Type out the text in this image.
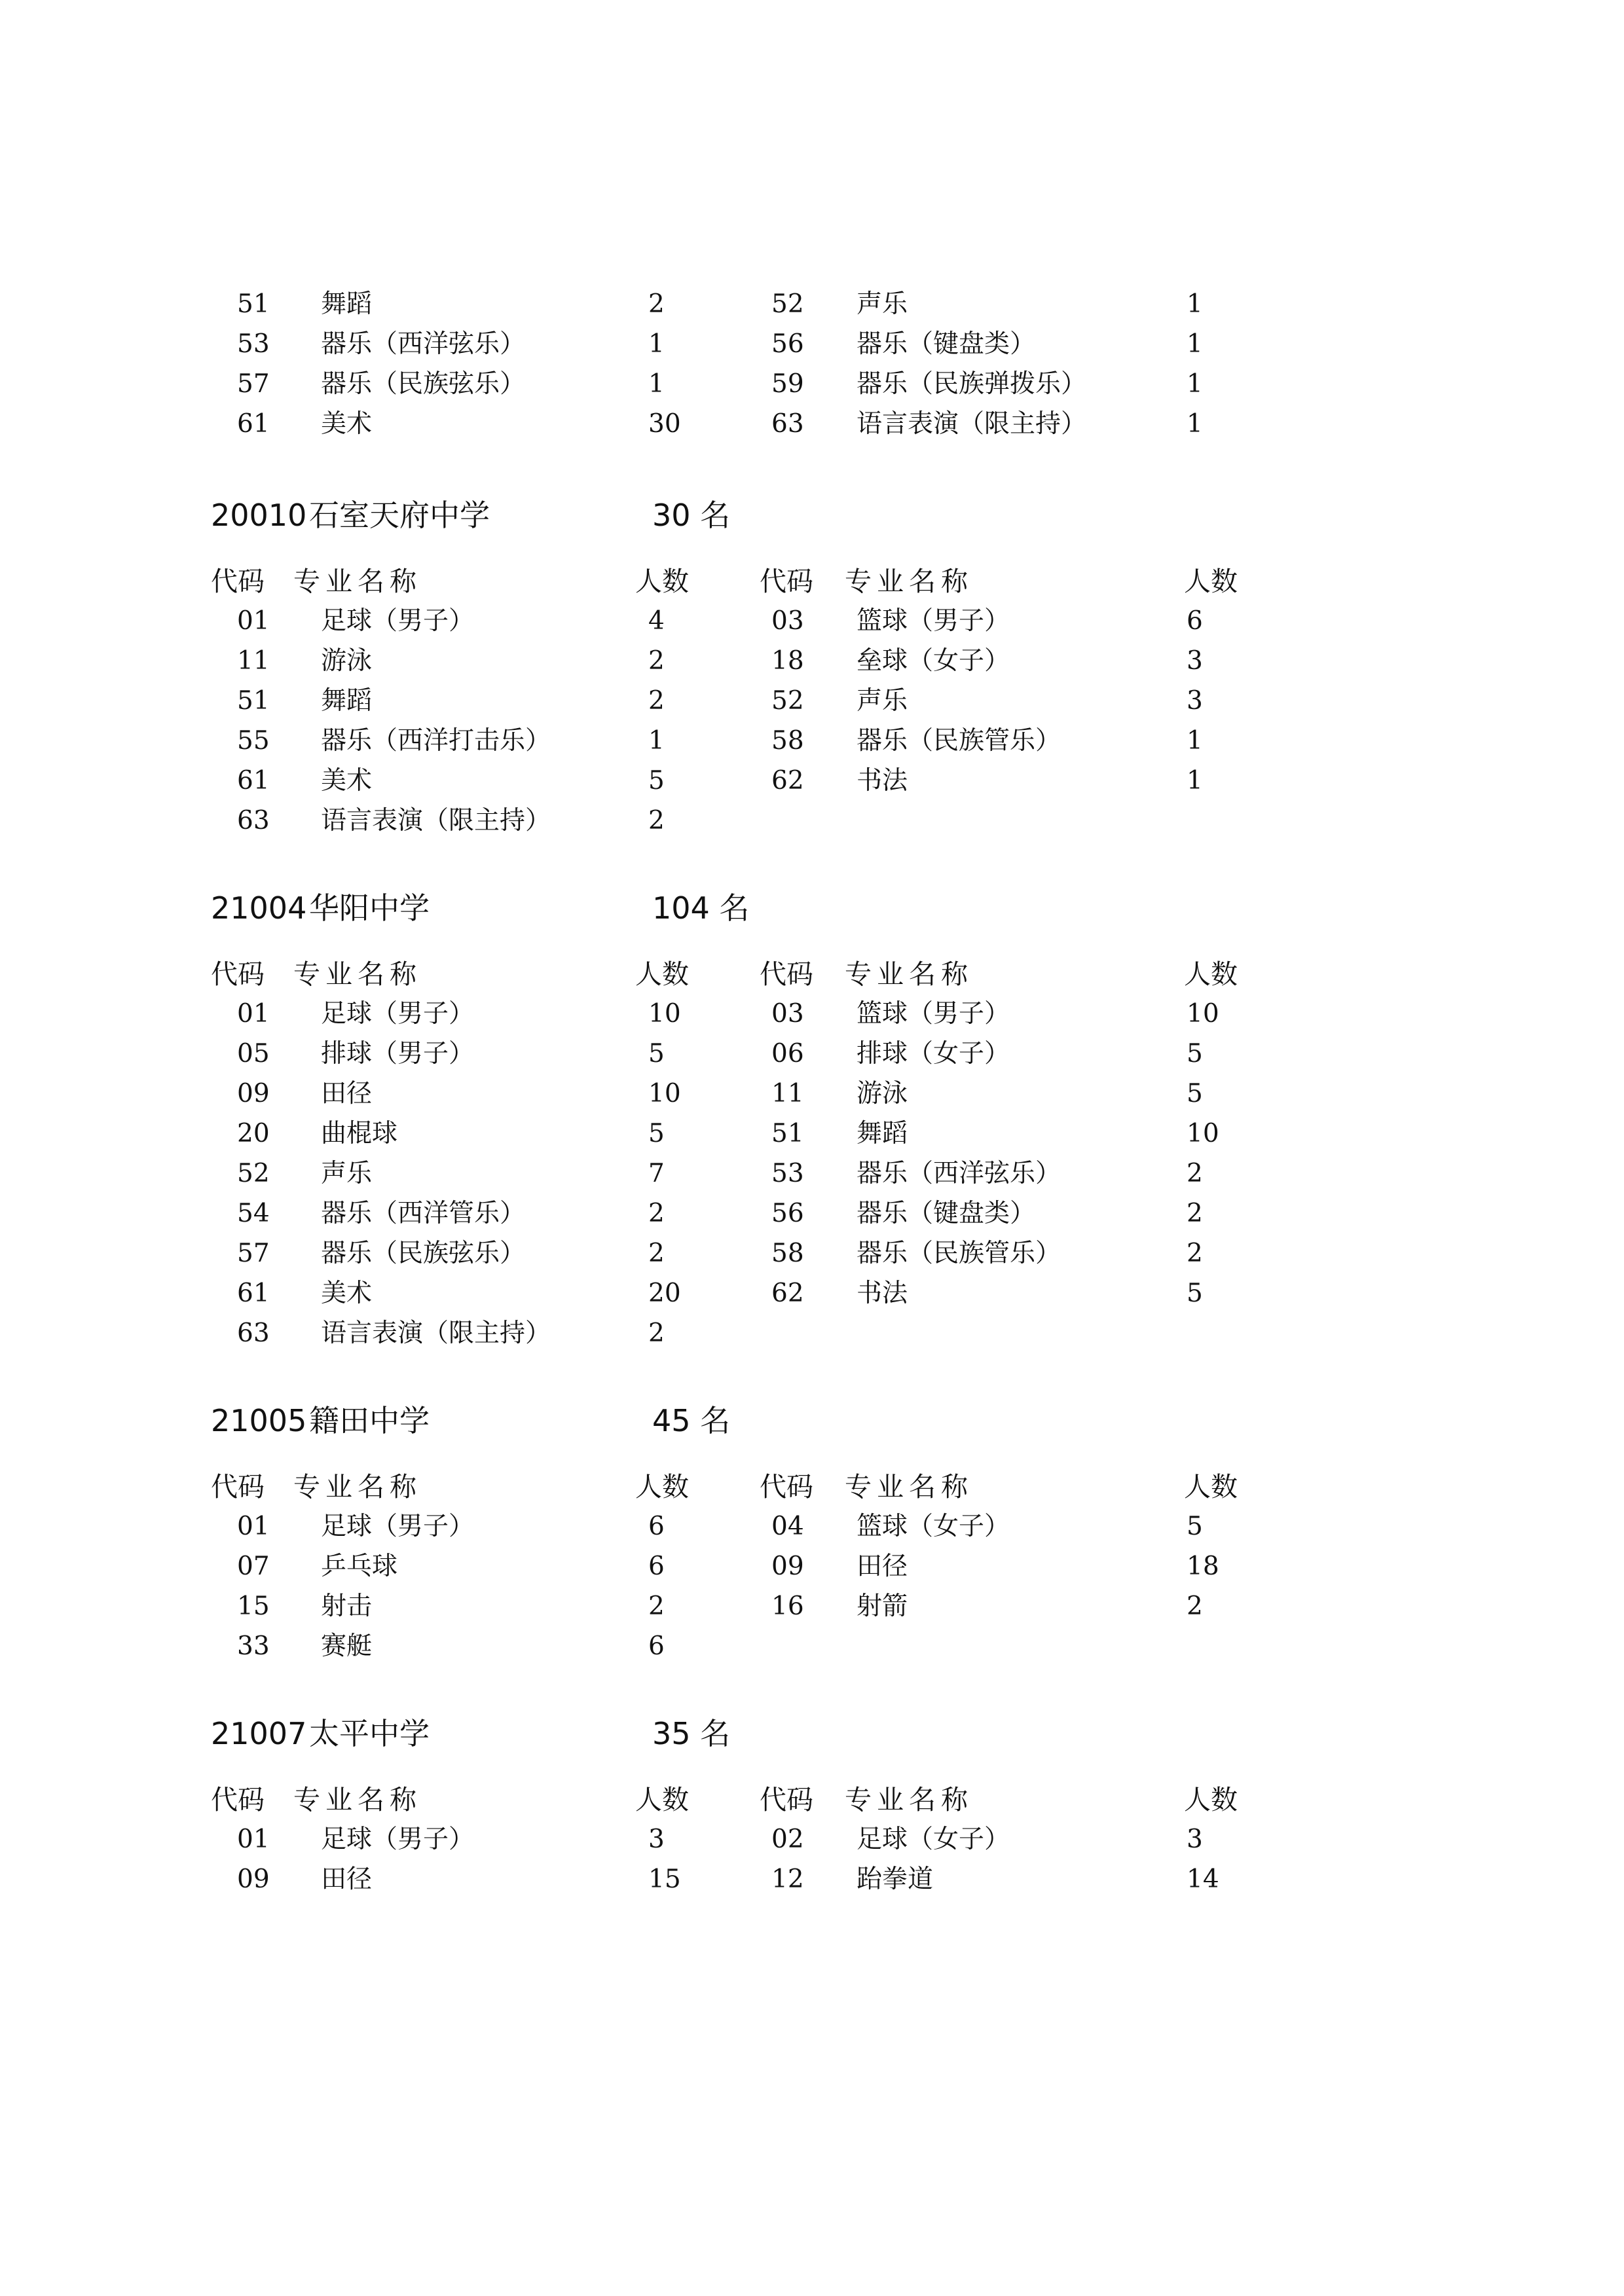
51 舞蹈	2	52 声乐	1
53 器乐（西洋弦乐）	1	56 器乐（键盘类）	1
57 器乐（民族弦乐）	1	59 器乐（民族弹拨乐）	1
61 美术	30	63 语言表演（限主持）	1
20010 石室天府中学	30 名
代码 专业名称	人数	代码 专业名称	人数
01 足球（男子）	4	03 篮球（男子）	6
11 游泳	2	18 垒球（女子）	3
51 舞蹈	2	52 声乐	3
55 器乐（西洋打击乐）	1	58 器乐（民族管乐）	1
61 美术	5	62 书法	1
63 语言表演（限主持）	2
21004 华阳中学	104 名
代码 专业名称	人数	代码 专业名称	人数
01 足球（男子）	10	03 篮球（男子）	10
05 排球（男子）	5	06 排球（女子）	5
09 田径	10	11 游泳	5
20 曲棍球	5	51 舞蹈	10
52 声乐	7	53 器乐（西洋弦乐）	2
54 器乐（西洋管乐）	2	56 器乐（键盘类）	2
57 器乐（民族弦乐）	2	58 器乐（民族管乐）	2
61 美术	20	62 书法	5
63 语言表演（限主持）	2
21005 籍田中学	45 名
代码 专业名称	人数	代码 专业名称	人数
01 足球（男子）	6	04 篮球（女子）	5
07 乒乓球	6	09 田径	18
15 射击	2	16 射箭	2
33 赛艇	6
21007 太平中学	35 名
代码 专业名称	人数	代码 专业名称	人数
01 足球（男子）	3	02 足球（女子）	3
09 田径	15	12 跆拳道	14
